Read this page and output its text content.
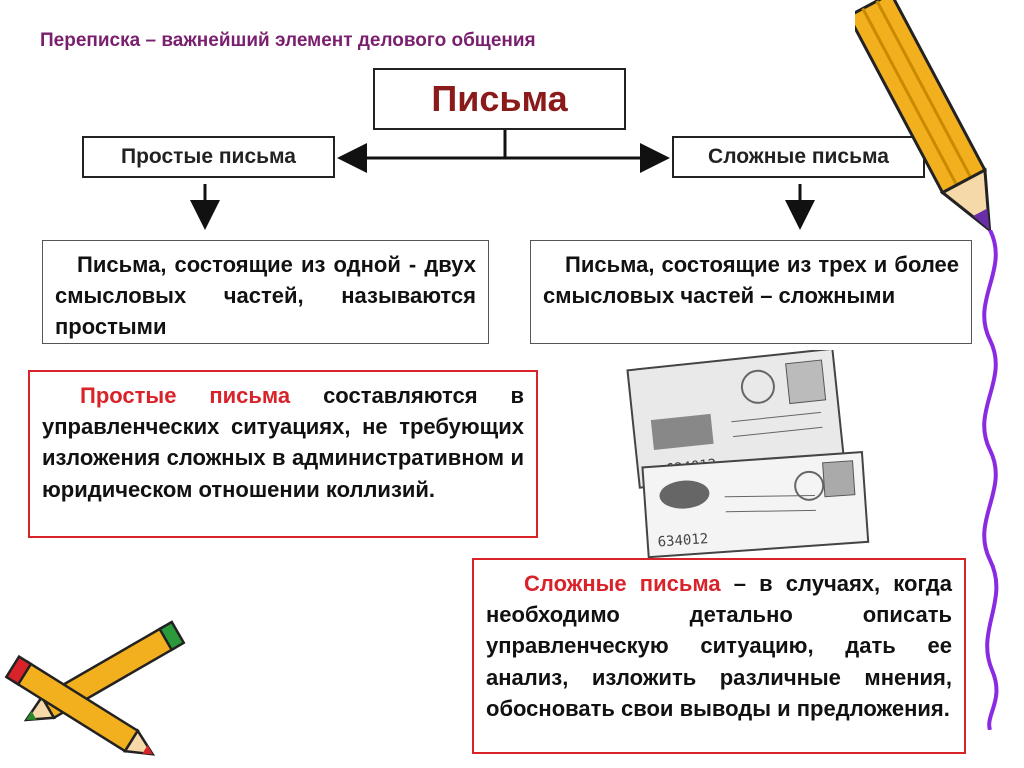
Переписка – важнейший элемент делового общения
Письма
Простые письма	Сложные письма
Письма, состоящие из одной - двух смысловых частей, называются простыми
Письма, состоящие из трех и более смысловых частей – сложными
Простые письма составляются в управленческих ситуациях, не требующих изложения сложных в административном и юридическом отношении коллизий.
Сложные письма – в случаях, когда необходимо детально описать управленческую ситуацию, дать ее анализ, изложить различные мнения, обосновать свои выводы и предложения.
634012
